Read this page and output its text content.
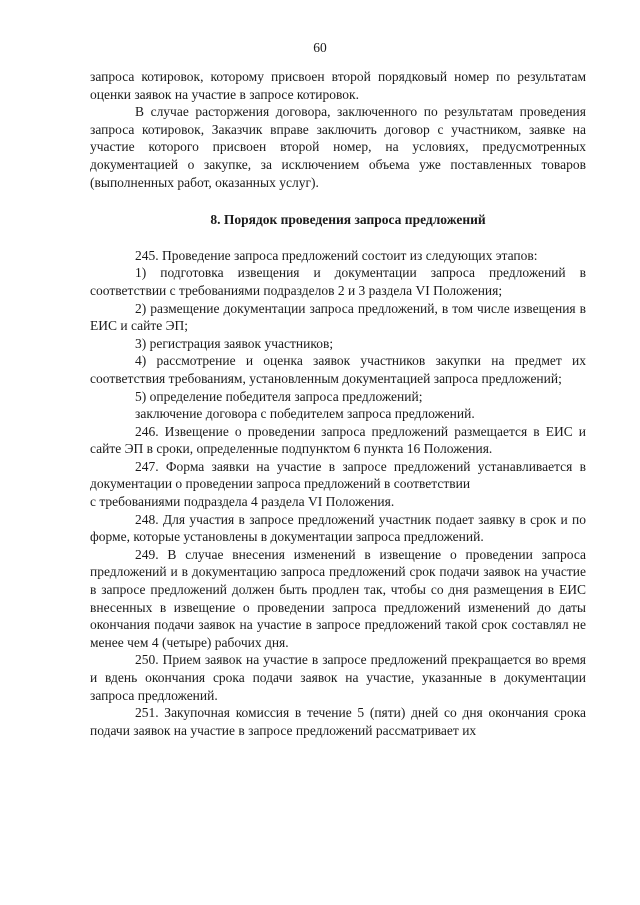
60

запроса котировок, которому присвоен второй порядковый номер по результатам оценки заявок на участие в запросе котировок.

В случае расторжения договора, заключенного по результатам проведения запроса котировок, Заказчик вправе заключить договор с участником, заявке на участие которого присвоен второй номер, на условиях, предусмотренных документацией о закупке, за исключением объема уже поставленных товаров (выполненных работ, оказанных услуг).

8. Порядок проведения запроса предложений

245. Проведение запроса предложений состоит из следующих этапов:

1) подготовка извещения и документации запроса предложений в соответствии с требованиями подразделов 2 и 3 раздела VI Положения;

2) размещение документации запроса предложений, в том числе извещения в ЕИС и сайте ЭП;

3) регистрация заявок участников;

4) рассмотрение и оценка заявок участников закупки на предмет их соответствия требованиям, установленным документацией запроса предложений;

5) определение победителя запроса предложений;

заключение договора с победителем запроса предложений.

246. Извещение о проведении запроса предложений размещается в ЕИС и сайте ЭП в сроки, определенные подпунктом 6 пункта 16 Положения.

247. Форма заявки на участие в запросе предложений устанавливается в документации о проведении запроса предложений в соответствии

с требованиями подраздела 4 раздела VI Положения.

248. Для участия в запросе предложений участник подает заявку в срок и по форме, которые установлены в документации запроса предложений.

249. В случае внесения изменений в извещение о проведении запроса предложений и в документацию запроса предложений срок подачи заявок на участие в запросе предложений должен быть продлен так, чтобы со дня размещения в ЕИС внесенных в извещение о проведении запроса предложений изменений до даты окончания подачи заявок на участие в запросе предложений такой срок составлял не менее чем 4 (четыре) рабочих дня.

250. Прием заявок на участие в запросе предложений прекращается во время и вдень окончания срока подачи заявок на участие, указанные в документации запроса предложений.

251. Закупочная комиссия в течение 5 (пяти) дней со дня окончания срока подачи заявок на участие в запросе предложений рассматривает их
